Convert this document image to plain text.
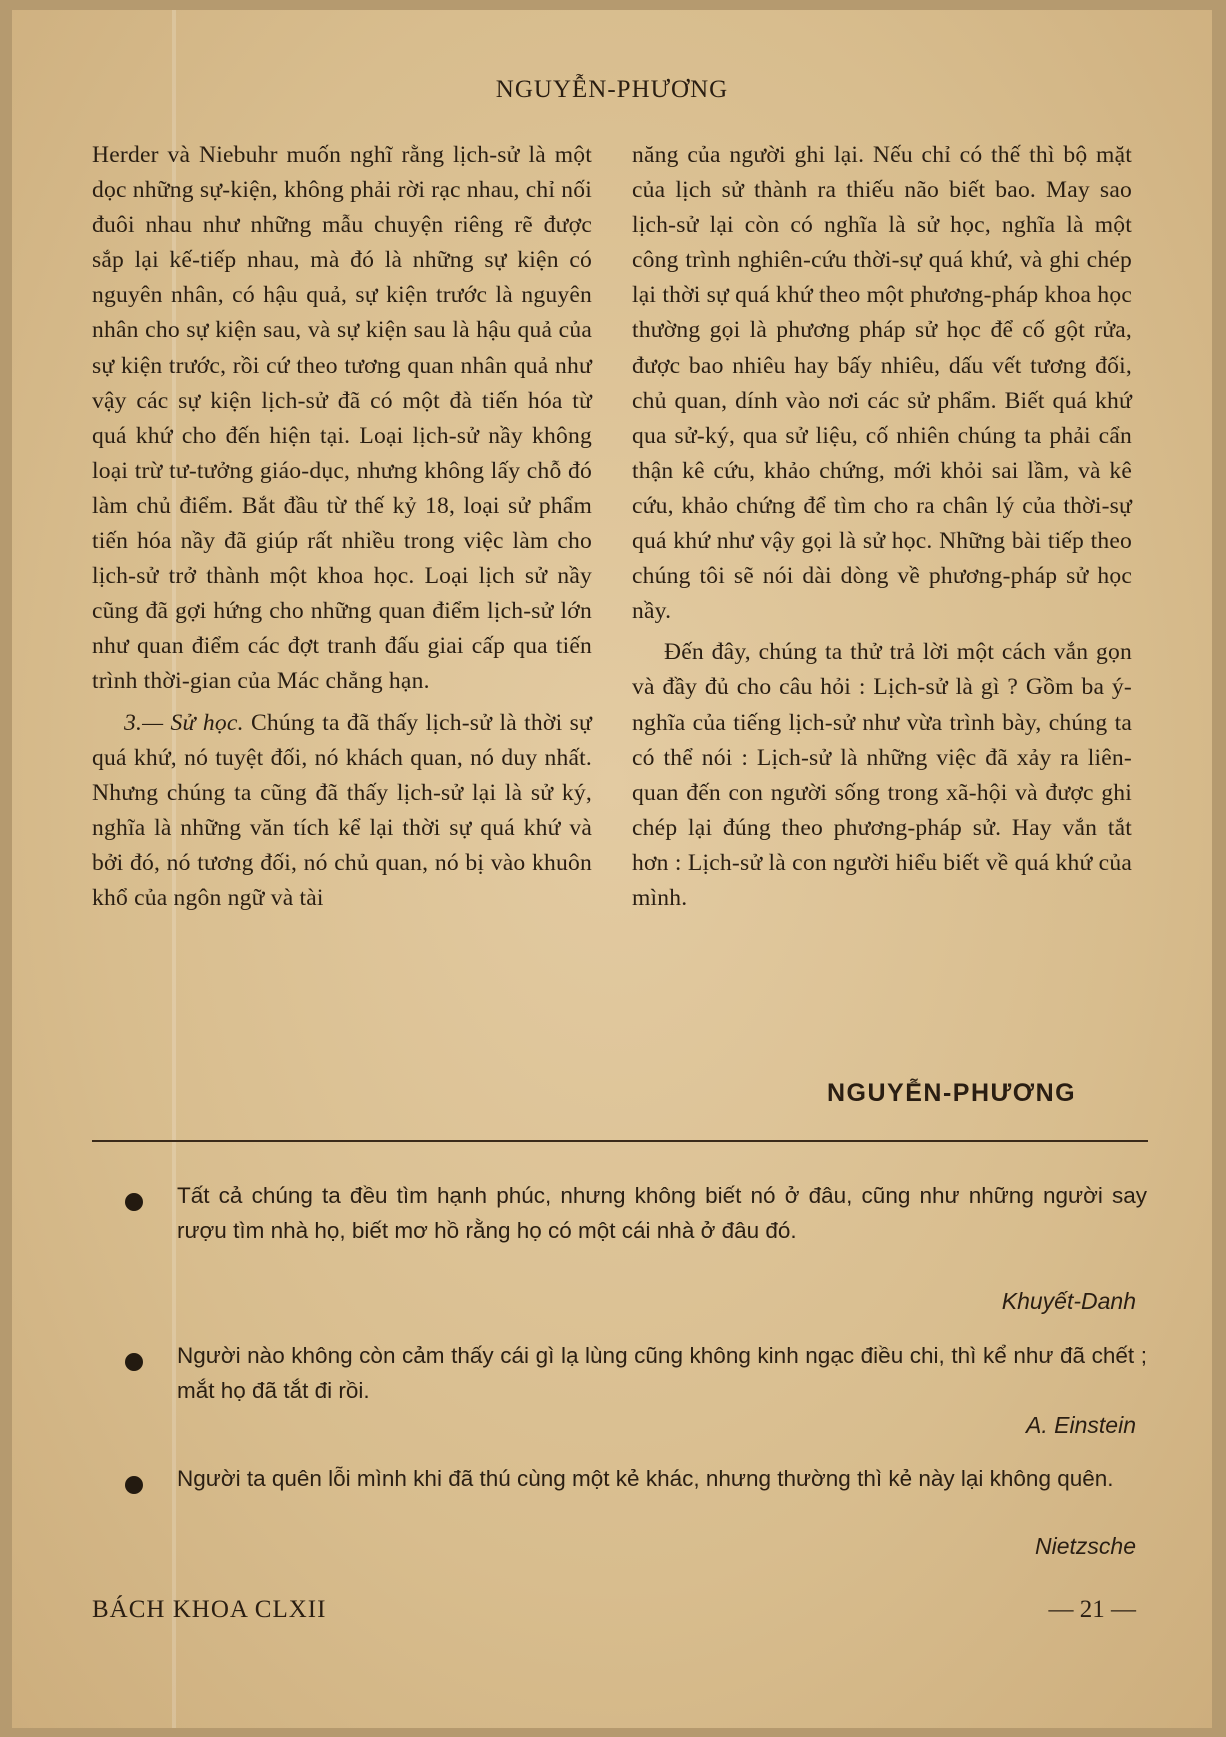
NGUYỄN-PHƯƠNG

Herder và Niebuhr muốn nghĩ rằng lịch-sử là một dọc những sự-kiện, không phải rời rạc nhau, chỉ nối đuôi nhau như những mẫu chuyện riêng rẽ được sắp lại kế-tiếp nhau, mà đó là những sự kiện có nguyên nhân, có hậu quả, sự kiện trước là nguyên nhân cho sự kiện sau, và sự kiện sau là hậu quả của sự kiện trước, rồi cứ theo tương quan nhân quả như vậy các sự kiện lịch-sử đã có một đà tiến hóa từ quá khứ cho đến hiện tại. Loại lịch-sử nầy không loại trừ tư-tưởng giáo-dục, nhưng không lấy chỗ đó làm chủ điểm. Bắt đầu từ thế kỷ 18, loại sử phẩm tiến hóa nầy đã giúp rất nhiều trong việc làm cho lịch-sử trở thành một khoa học. Loại lịch sử nầy cũng đã gợi hứng cho những quan điểm lịch-sử lớn như quan điểm các đợt tranh đấu giai cấp qua tiến trình thời-gian của Mác chẳng hạn.

3.— Sử học. Chúng ta đã thấy lịch-sử là thời sự quá khứ, nó tuyệt đối, nó khách quan, nó duy nhất. Nhưng chúng ta cũng đã thấy lịch-sử lại là sử ký, nghĩa là những văn tích kể lại thời sự quá khứ và bởi đó, nó tương đối, nó chủ quan, nó bị vào khuôn khổ của ngôn ngữ và tài

năng của người ghi lại. Nếu chỉ có thế thì bộ mặt của lịch sử thành ra thiếu não biết bao. May sao lịch-sử lại còn có nghĩa là sử học, nghĩa là một công trình nghiên-cứu thời-sự quá khứ, và ghi chép lại thời sự quá khứ theo một phương-pháp khoa học thường gọi là phương pháp sử học để cố gột rửa, được bao nhiêu hay bấy nhiêu, dấu vết tương đối, chủ quan, dính vào nơi các sử phẩm. Biết quá khứ qua sử-ký, qua sử liệu, cố nhiên chúng ta phải cẩn thận kê cứu, khảo chứng, mới khỏi sai lầm, và kê cứu, khảo chứng để tìm cho ra chân lý của thời-sự quá khứ như vậy gọi là sử học. Những bài tiếp theo chúng tôi sẽ nói dài dòng về phương-pháp sử học nầy.

Đến đây, chúng ta thử trả lời một cách vắn gọn và đầy đủ cho câu hỏi : Lịch-sử là gì ? Gồm ba ý-nghĩa của tiếng lịch-sử như vừa trình bày, chúng ta có thể nói : Lịch-sử là những việc đã xảy ra liên-quan đến con người sống trong xã-hội và được ghi chép lại đúng theo phương-pháp sử. Hay vắn tắt hơn : Lịch-sử là con người hiểu biết về quá khứ của mình.

NGUYỄN-PHƯƠNG
Tất cả chúng ta đều tìm hạnh phúc, nhưng không biết nó ở đâu, cũng như những người say rượu tìm nhà họ, biết mơ hồ rằng họ có một cái nhà ở đâu đó.
Khuyết-Danh
Người nào không còn cảm thấy cái gì lạ lùng cũng không kinh ngạc điều chi, thì kể như đã chết ; mắt họ đã tắt đi rồi.
A. Einstein
Người ta quên lỗi mình khi đã thú cùng một kẻ khác, nhưng thường thì kẻ này lại không quên.
Nietzsche
BÁCH KHOA CLXII	— 21 —
